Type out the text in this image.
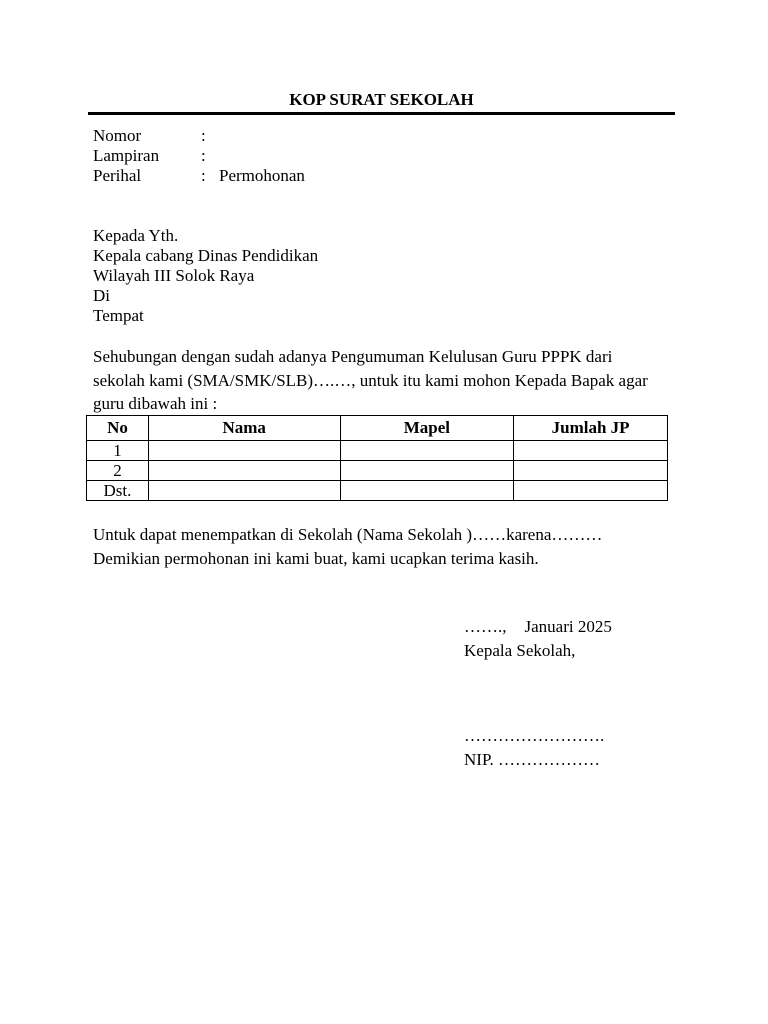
KOP SURAT SEKOLAH
Nomor	:
Lampiran :
Perihal	: Permohonan
Kepada Yth.
Kepala cabang Dinas Pendidikan
Wilayah III Solok Raya
Di
Tempat
Sehubungan dengan sudah adanya Pengumuman Kelulusan Guru PPPK dari sekolah kami (SMA/SMK/SLB)….…, untuk itu kami mohon Kepada Bapak agar guru dibawah ini :
No	Nama	Mapel	Jumlah JP
1			
2			
Dst.			
Untuk dapat menempatkan di Sekolah (Nama Sekolah )……karena………
Demikian permohonan ini kami buat, kami ucapkan terima kasih.
……., Januari 2025
Kepala Sekolah,
…………………….
NIP. ………………
